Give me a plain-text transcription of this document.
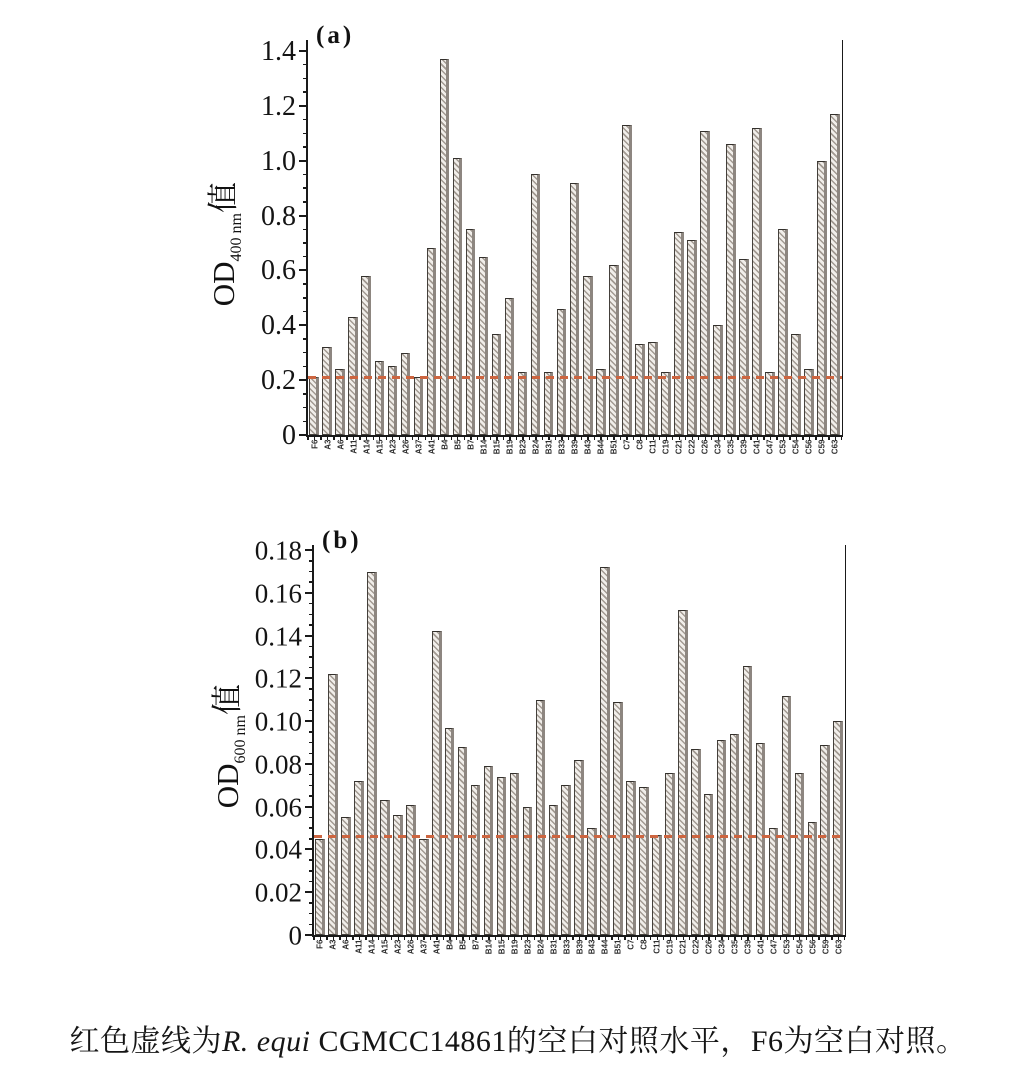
$OD_{400 nm}$值
(a)
0
0.2
0.4
0.6
0.8
1.0
1.2
1.4
F6 A3 A6 A11 A14 A15 A23 A26 A37 A41 B4 B5 B7 B14 B15 B19 B23 B24 B31 B33 B39 B43 B44 B51 C7 C8 C11 C19 C21 C22 C26 C34 C35 C39 C41 C47 C53 C54 C56 C59 C63
$OD_{600 nm}$值
(b)
0
0.02
0.04
0.06
0.08
0.10
0.12
0.14
0.16
0.18
F6 A3 A6 A11 A14 A15 A23 A26 A37 A41 B4 B5 B7 B14 B15 B19 B23 B24 B31 B33 B39 B43 B44 B51 C7 C8 C11 C19 C21 C22 C26 C34 C35 C39 C41 C47 C53 C54 C56 C59 C63
红色虚线为R. equi CGMCC14861的空白对照水平，F6为空白对照。
